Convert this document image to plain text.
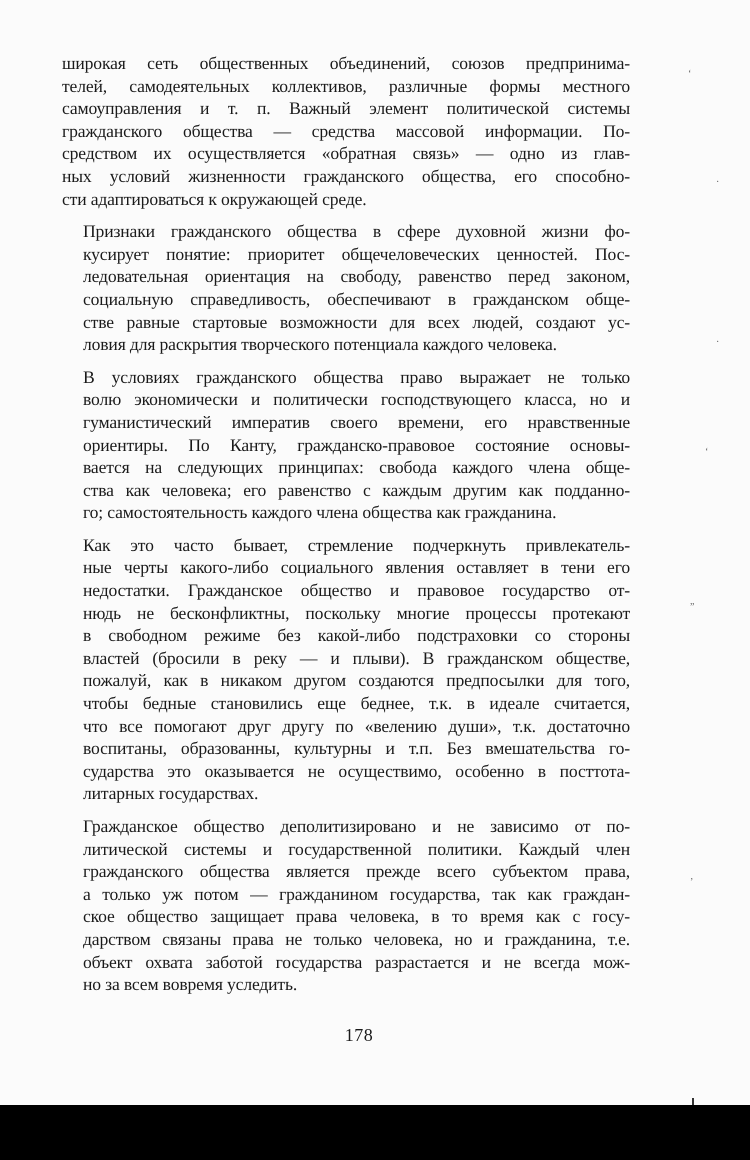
широкая сеть общественных объединений, союзов предпринима-
телей, самодеятельных коллективов, различные формы местного
самоуправления и т. п. Важный элемент политической системы
гражданского общества — средства массовой информации. По-
средством их осуществляется «обратная связь» — одно из глав-
ных условий жизненности гражданского общества, его способно-
сти адаптироваться к окружающей среде.

Признаки гражданского общества в сфере духовной жизни фо-
кусирует понятие: приоритет общечеловеческих ценностей. Пос-
ледовательная ориентация на свободу, равенство перед законом,
социальную справедливость, обеспечивают в гражданском обще-
стве равные стартовые возможности для всех людей, создают ус-
ловия для раскрытия творческого потенциала каждого человека.

В условиях гражданского общества право выражает не только
волю экономически и политически господствующего класса, но и
гуманистический императив своего времени, его нравственные
ориентиры. По Канту, гражданско-правовое состояние основы-
вается на следующих принципах: свобода каждого члена обще-
ства как человека; его равенство с каждым другим как подданно-
го; самостоятельность каждого члена общества как гражданина.

Как это часто бывает, стремление подчеркнуть привлекатель-
ные черты какого-либо социального явления оставляет в тени его
недостатки. Гражданское общество и правовое государство от-
нюдь не бесконфликтны, поскольку многие процессы протекают
в свободном режиме без какой-либо подстраховки со стороны
властей (бросили в реку — и плыви). В гражданском обществе,
пожалуй, как в никаком другом создаются предпосылки для того,
чтобы бедные становились еще беднее, т.к. в идеале считается,
что все помогают друг другу по «велению души», т.к. достаточно
воспитаны, образованны, культурны и т.п. Без вмешательства го-
сударства это оказывается не осуществимо, особенно в посттота-
литарных государствах.

Гражданское общество деполитизировано и не зависимо от по-
литической системы и государственной политики. Каждый член
гражданского общества является прежде всего субъектом права,
а только уж потом — гражданином государства, так как граждан-
ское общество защищает права человека, в то время как с госу-
дарством связаны права не только человека, но и гражданина, т.е.
объект охвата заботой государства разрастается и не всегда мож-
но за всем вовремя уследить.

178
‘
·
·
‘
”
’
